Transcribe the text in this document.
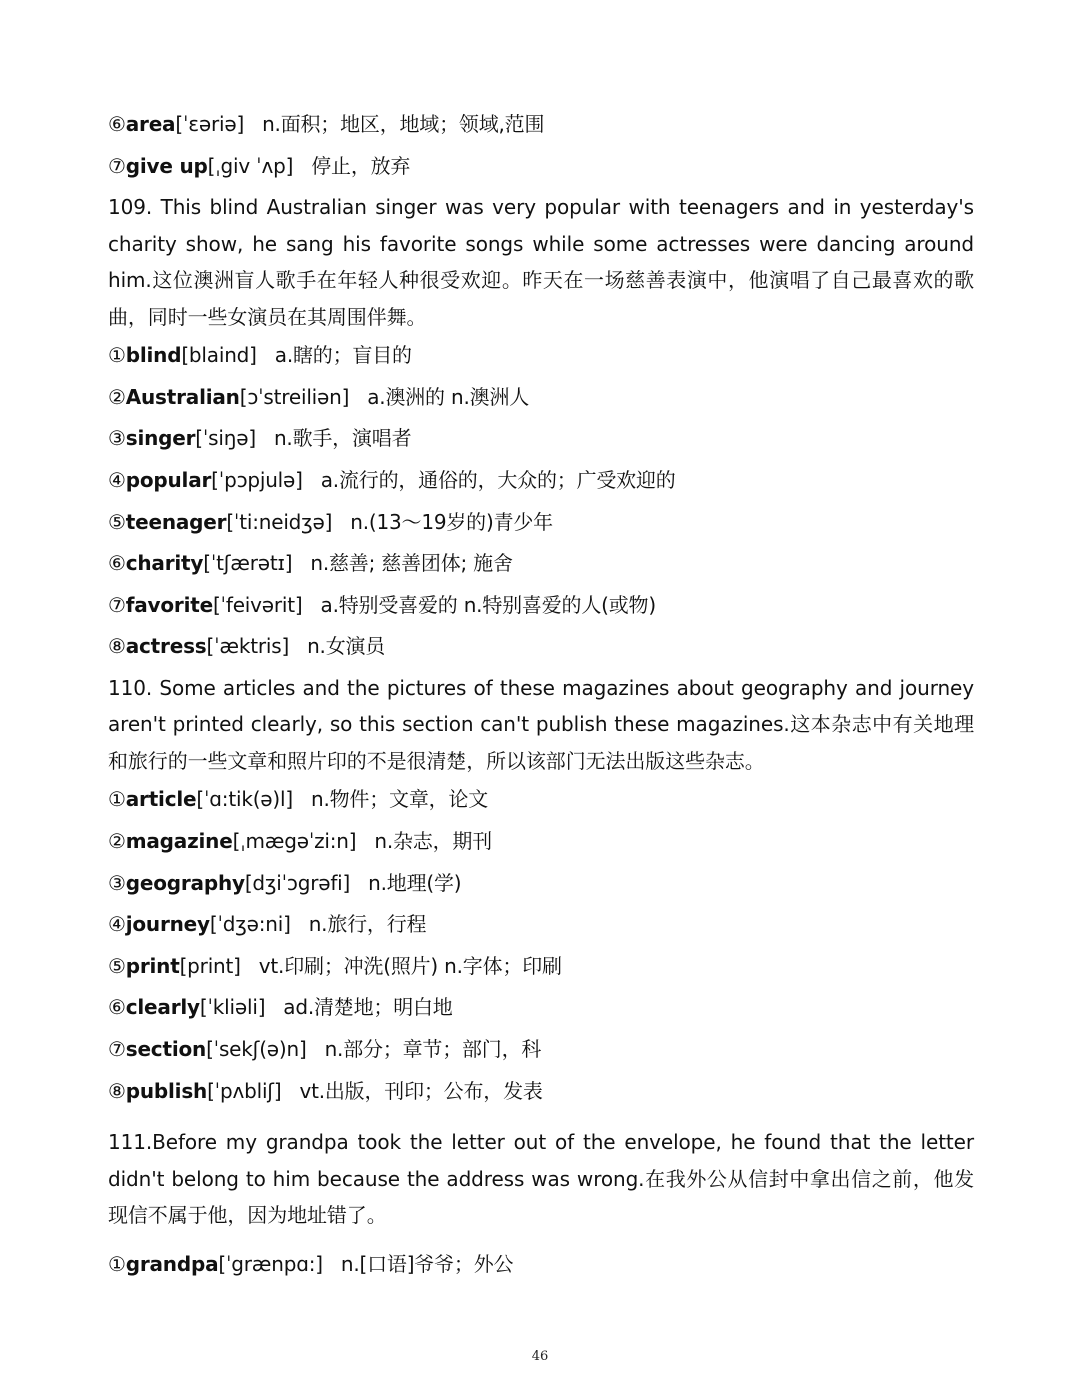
⑥area[ˈɛəriə] n.面积；地区，地域；领域,范围
⑦give up[ˌgiv ˈʌp] 停止，放弃

109. This blind Australian singer was very popular with teenagers and in yesterday's charity show, he sang his favorite songs while some actresses were dancing around him.这位澳洲盲人歌手在年轻人种很受欢迎。昨天在一场慈善表演中，他演唱了自己最喜欢的歌曲，同时一些女演员在其周围伴舞。

①blind[blaind] a.瞎的；盲目的
②Australian[ɔˈstreiliən] a.澳洲的 n.澳洲人
③singer[ˈsiŋə] n.歌手，演唱者
④popular[ˈpɔpjulə] a.流行的，通俗的，大众的；广受欢迎的
⑤teenager[ˈti:neidʒə] n.(13～19岁的)青少年
⑥charity[ˈtʃærətɪ] n.慈善; 慈善团体; 施舍
⑦favorite[ˈfeivərit] a.特别受喜爱的 n.特别喜爱的人(或物)
⑧actress[ˈæktris] n.女演员

110. Some articles and the pictures of these magazines about geography and journey aren't printed clearly, so this section can't publish these magazines.这本杂志中有关地理和旅行的一些文章和照片印的不是很清楚，所以该部门无法出版这些杂志。

①article[ˈɑ:tik(ə)l] n.物件；文章，论文
②magazine[ˌmægəˈzi:n] n.杂志，期刊
③geography[dʒiˈɔgrəfi] n.地理(学)
④journey[ˈdʒə:ni] n.旅行，行程
⑤print[print] vt.印刷；冲洗(照片) n.字体；印刷
⑥clearly[ˈkliəli] ad.清楚地；明白地
⑦section[ˈsekʃ(ə)n] n.部分；章节；部门，科
⑧publish[ˈpʌbliʃ] vt.出版，刊印；公布，发表

111.Before my grandpa took the letter out of the envelope, he found that the letter didn't belong to him because the address was wrong.在我外公从信封中拿出信之前，他发现信不属于他，因为地址错了。

①grandpa[ˈgrænpɑ:] n.[口语]爷爷；外公
46
